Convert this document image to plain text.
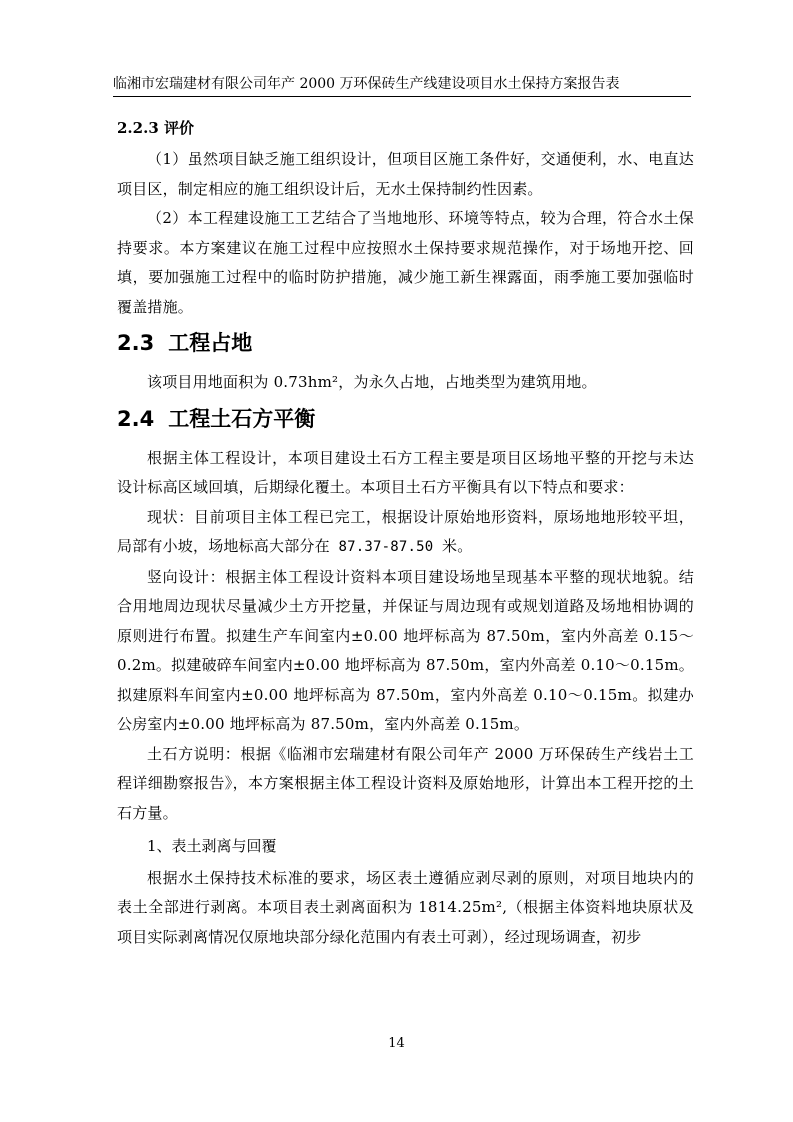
临湘市宏瑞建材有限公司年产 2000 万环保砖生产线建设项目水土保持方案报告表
2.2.3 评价

（1）虽然项目缺乏施工组织设计，但项目区施工条件好，交通便利，水、电直达项目区，制定相应的施工组织设计后，无水土保持制约性因素。

（2）本工程建设施工工艺结合了当地地形、环境等特点，较为合理，符合水土保持要求。本方案建议在施工过程中应按照水土保持要求规范操作，对于场地开挖、回填，要加强施工过程中的临时防护措施，减少施工新生裸露面，雨季施工要加强临时覆盖措施。

2.3 工程占地

该项目用地面积为 0.73hm²，为永久占地，占地类型为建筑用地。

2.4 工程土石方平衡

根据主体工程设计，本项目建设土石方工程主要是项目区场地平整的开挖与未达设计标高区域回填，后期绿化覆土。本项目土石方平衡具有以下特点和要求：

现状：目前项目主体工程已完工，根据设计原始地形资料，原场地地形较平坦，局部有小坡，场地标高大部分在 87.37-87.50 米。

竖向设计：根据主体工程设计资料本项目建设场地呈现基本平整的现状地貌。结合用地周边现状尽量减少土方开挖量，并保证与周边现有或规划道路及场地相协调的原则进行布置。拟建生产车间室内±0.00 地坪标高为 87.50m，室内外高差 0.15～0.2m。拟建破碎车间室内±0.00 地坪标高为 87.50m，室内外高差 0.10～0.15m。拟建原料车间室内±0.00 地坪标高为 87.50m，室内外高差 0.10～0.15m。拟建办公房室内±0.00 地坪标高为 87.50m，室内外高差 0.15m。

土石方说明：根据《临湘市宏瑞建材有限公司年产 2000 万环保砖生产线岩土工程详细勘察报告》，本方案根据主体工程设计资料及原始地形，计算出本工程开挖的土石方量。

1、表土剥离与回覆

根据水土保持技术标准的要求，场区表土遵循应剥尽剥的原则，对项目地块内的表土全部进行剥离。本项目表土剥离面积为 1814.25m²,（根据主体资料地块原状及项目实际剥离情况仅原地块部分绿化范围内有表土可剥），经过现场调查，初步

14
